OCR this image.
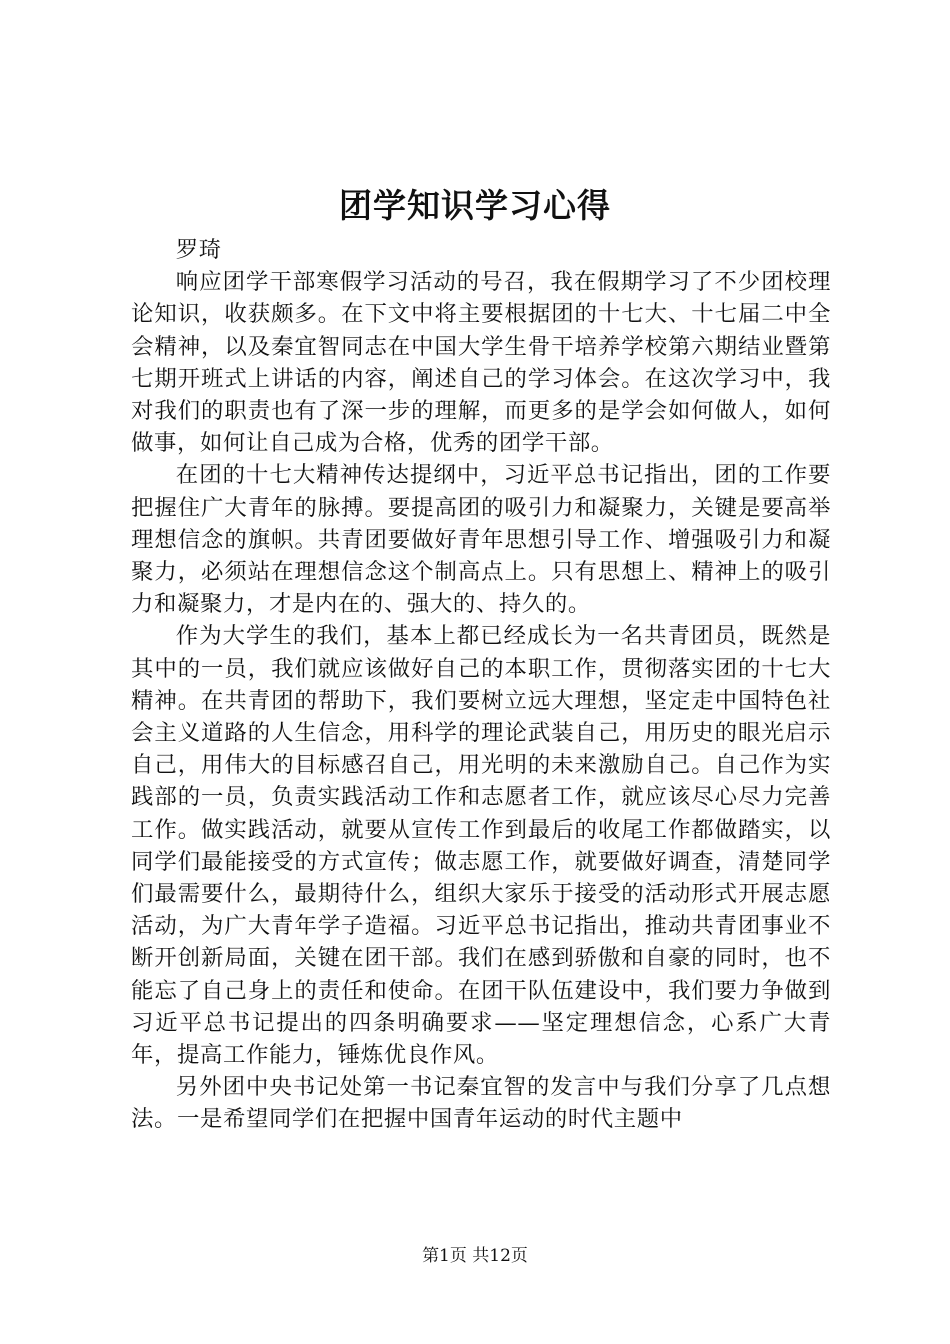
团学知识学习心得

罗琦

响应团学干部寒假学习活动的号召，我在假期学习了不少团校理论知识，收获颇多。在下文中将主要根据团的十七大、十七届二中全会精神，以及秦宜智同志在中国大学生骨干培养学校第六期结业暨第七期开班式上讲话的内容，阐述自己的学习体会。在这次学习中，我对我们的职责也有了深一步的理解，而更多的是学会如何做人，如何做事，如何让自己成为合格，优秀的团学干部。

在团的十七大精神传达提纲中，习近平总书记指出，团的工作要把握住广大青年的脉搏。要提高团的吸引力和凝聚力，关键是要高举理想信念的旗帜。共青团要做好青年思想引导工作、增强吸引力和凝聚力，必须站在理想信念这个制高点上。只有思想上、精神上的吸引力和凝聚力，才是内在的、强大的、持久的。

作为大学生的我们，基本上都已经成长为一名共青团员，既然是其中的一员，我们就应该做好自己的本职工作，贯彻落实团的十七大精神。在共青团的帮助下，我们要树立远大理想，坚定走中国特色社会主义道路的人生信念，用科学的理论武装自己，用历史的眼光启示自己，用伟大的目标感召自己，用光明的未来激励自己。自己作为实践部的一员，负责实践活动工作和志愿者工作，就应该尽心尽力完善工作。做实践活动，就要从宣传工作到最后的收尾工作都做踏实，以同学们最能接受的方式宣传；做志愿工作，就要做好调查，清楚同学们最需要什么，最期待什么，组织大家乐于接受的活动形式开展志愿活动，为广大青年学子造福。习近平总书记指出，推动共青团事业不断开创新局面，关键在团干部。我们在感到骄傲和自豪的同时，也不能忘了自己身上的责任和使命。在团干队伍建设中，我们要力争做到习近平总书记提出的四条明确要求——坚定理想信念，心系广大青年，提高工作能力，锤炼优良作风。

另外团中央书记处第一书记秦宜智的发言中与我们分享了几点想法。一是希望同学们在把握中国青年运动的时代主题中

第1页 共12页
